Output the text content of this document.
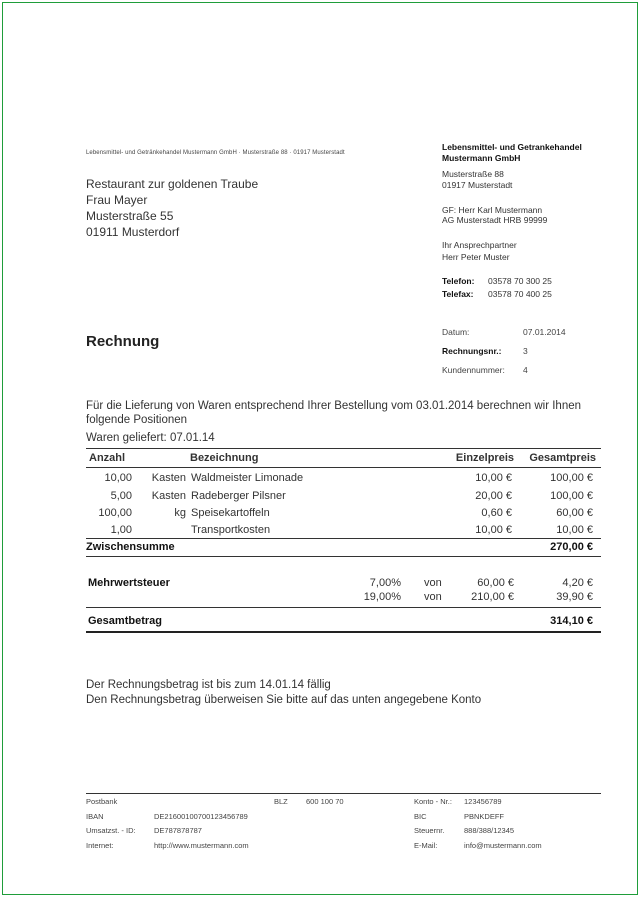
Lebensmittel- und Getränkehandel Mustermann GmbH · Musterstraße 88 · 01917 Musterstadt
Restaurant zur goldenen Traube
Frau Mayer
Musterstraße 55
01911 Musterdorf
Lebensmittel- und Getrankehandel
Mustermann GmbH
Musterstraße 88
01917 Musterstadt
GF: Herr Karl Mustermann
AG Musterstadt HRB 99999
Ihr Ansprechpartner
Herr Peter Muster
Telefon: 03578 70 300 25
Telefax: 03578 70 400 25
Rechnung
Datum:	07.01.2014
Rechnungsnr.:	3
Kundennummer: 4
Für die Lieferung von Waren entsprechend Ihrer Bestellung vom 03.01.2014 berechnen wir Ihnen
folgende Positionen
Waren geliefert: 07.01.14
Anzahl	Bezeichnung	Einzelpreis	Gesamtpreis
10,00	Kasten Waldmeister Limonade	10,00 €	100,00 €
5,00	Kasten Radeberger Pilsner	20,00 €	100,00 €
100,00	kg Speisekartoffeln	0,60 €	60,00 €
1,00	Transportkosten	10,00 €	10,00 €
Zwischensumme	270,00 €
Mehrwertsteuer	7,00% von	60,00 €	4,20 €
19,00% von	210,00 €	39,90 €
Gesamtbetrag	314,10 €
Der Rechnungsbetrag ist bis zum 14.01.14 fällig
Den Rechnungsbetrag überweisen Sie bitte auf das unten angegebene Konto
Postbank	BLZ 600 100 70	Konto - Nr.: 123456789
IBAN	DE21600100700123456789	BIC	PBNKDEFF
Umsatzst. - ID: DE787878787	Steuernr.	888/388/12345
Internet:	http://www.mustermann.com	E-Mail:	info@mustermann.com
